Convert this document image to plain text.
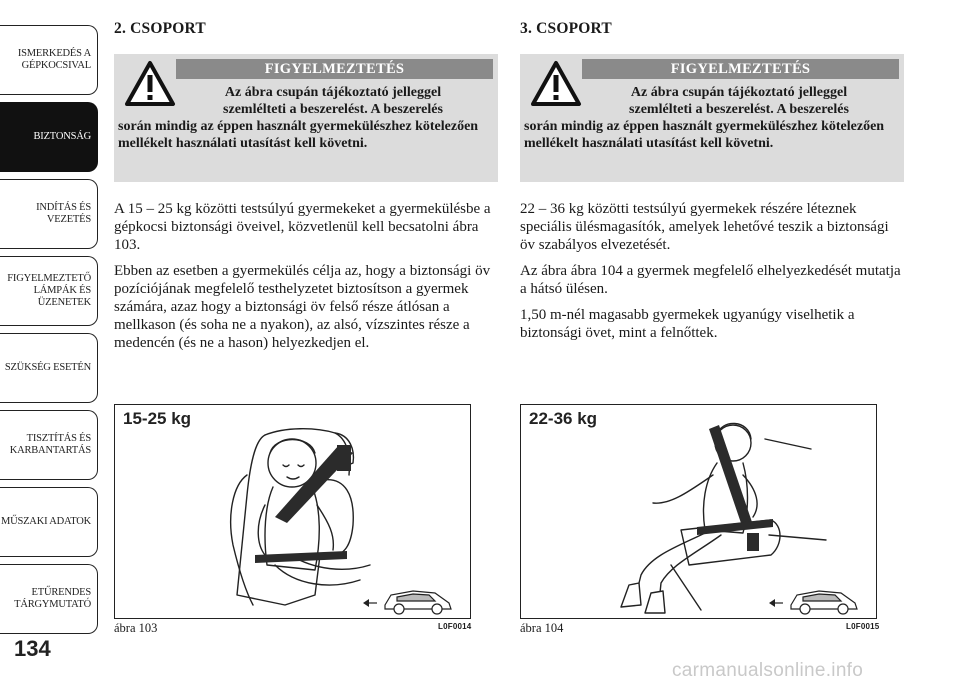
ISMERKEDÉS A
GÉPKOCSIVAL
BIZTONSÁG
INDÍTÁS ÉS
VEZETÉS
FIGYELMEZTETŐ
LÁMPÁK ÉS
ÜZENETEK
SZÜKSÉG ESETÉN
TISZTÍTÁS ÉS
KARBANTARTÁS
MŰSZAKI ADATOK
ETŰRENDES
TÁRGYMUTATÓ
134
2. CSOPORT
FIGYELMEZTETÉS
Az ábra csupán tájékoztató jelleggel
szemlélteti a beszerelést. A beszerelés
során mindig az éppen használt gyermekülészhez kötelezően mellékelt használati utasítást kell követni.

A 15 – 25 kg közötti testsúlyú gyermekeket a gyermekülésbe a gépkocsi biztonsági öveivel, közvetlenül kell becsatolni ábra 103.

Ebben az esetben a gyermekülés célja az, hogy a biztonsági öv pozíciójának megfelelő testhelyzetet biztosítson a gyermek számára, azaz hogy a biztonsági öv felső része átlósan a mellkason (és soha ne a nyakon), az alsó, vízszintes része a medencén (és ne a hason) helyezkedjen el.

3. CSOPORT
FIGYELMEZTETÉS
Az ábra csupán tájékoztató jelleggel
szemlélteti a beszerelést. A beszerelés
során mindig az éppen használt gyermekülészhez kötelezően mellékelt használati utasítást kell követni.

22 – 36 kg közötti testsúlyú gyermekek részére léteznek speciális ülésmagasítók, amelyek lehetővé teszik a biztonsági öv szabályos elvezetését.

Az ábra ábra 104 a gyermek megfelelő elhelyezkedését mutatja a hátsó ülésen.

1,50 m-nél magasabb gyermekek ugyanúgy viselhetik a biztonsági övet, mint a felnőttek.

15-25 kg
ábra 103	L0F0014
22-36 kg
ábra 104	L0F0015
carmanualsonline.info
